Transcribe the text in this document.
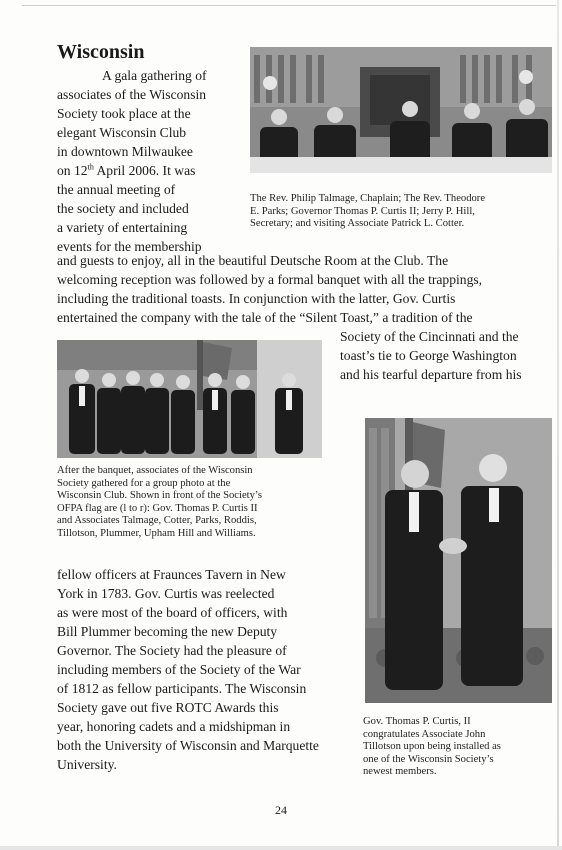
Wisconsin
A gala gathering of
associates of the Wisconsin
Society took place at the
elegant Wisconsin Club
in downtown Milwaukee
on 12th April 2006. It was
the annual meeting of
the society and included
a variety of entertaining
events for the membership
The Rev. Philip Talmage, Chaplain; The Rev. Theodore
E. Parks; Governor Thomas P. Curtis II; Jerry P. Hill,
Secretary; and visiting Associate Patrick L. Cotter.
and guests to enjoy, all in the beautiful Deutsche Room at the Club. The
welcoming reception was followed by a formal banquet with all the trappings,
including the traditional toasts. In conjunction with the latter, Gov. Curtis
entertained the company with the tale of the “Silent Toast,” a tradition of the
After the banquet, associates of the Wisconsin
Society gathered for a group photo at the
Wisconsin Club. Shown in front of the Society’s
OFPA flag are (l to r): Gov. Thomas P. Curtis II
and Associates Talmage, Cotter, Parks, Roddis,
Tillotson, Plummer, Upham Hill and Williams.
Society of the Cincinnati and the
toast’s tie to George Washington
and his tearful departure from his
Gov. Thomas P. Curtis, II
congratulates Associate John
Tillotson upon being installed as
one of the Wisconsin Society’s
newest members.
fellow officers at Fraunces Tavern in New
York in 1783. Gov. Curtis was reelected
as were most of the board of officers, with
Bill Plummer becoming the new Deputy
Governor. The Society had the pleasure of
including members of the Society of the War
of 1812 as fellow participants. The Wisconsin
Society gave out five ROTC Awards this
year, honoring cadets and a midshipman in
both the University of Wisconsin and Marquette
University.
24
